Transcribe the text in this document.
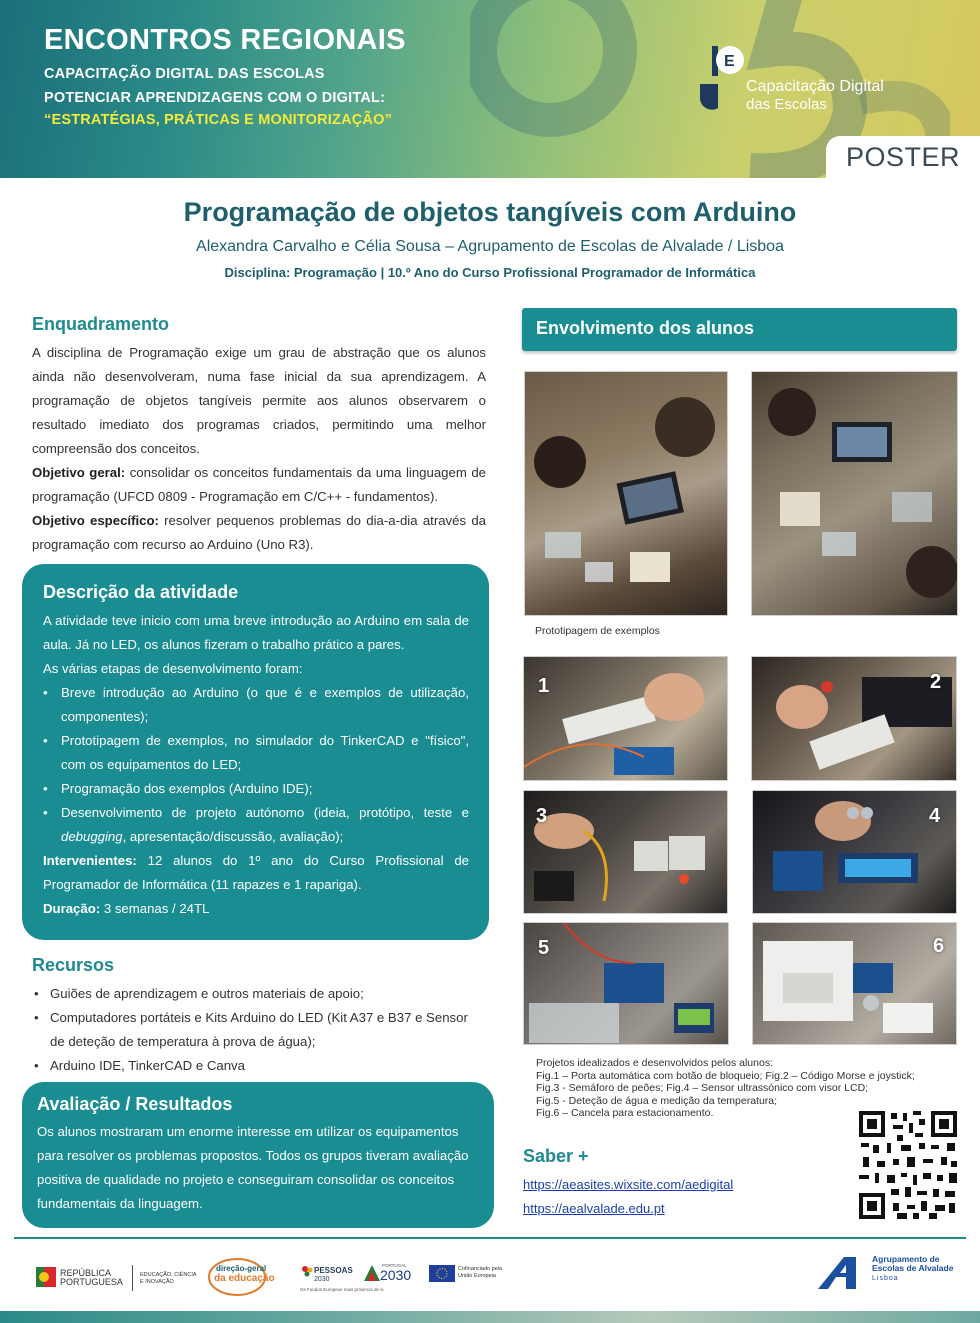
ENCONTROS REGIONAIS
CAPACITAÇÃO DIGITAL DAS ESCOLAS
POTENCIAR APRENDIZAGENS COM O DIGITAL:
“ESTRATÉGIAS, PRÁTICAS E MONITORIZAÇÃO”
E
Capacitação Digital
das Escolas
POSTER
Programação de objetos tangíveis com Arduino
Alexandra Carvalho e Célia Sousa – Agrupamento de Escolas de Alvalade / Lisboa
Disciplina: Programação | 10.º Ano do Curso Profissional Programador de Informática
Enquadramento
A disciplina de Programação exige um grau de abstração que os alunos ainda não desenvolveram, numa fase inicial da sua aprendizagem. A programação de objetos tangíveis permite aos alunos observarem o resultado imediato dos programas criados, permitindo uma melhor compreensão dos conceitos.
Objetivo geral: consolidar os conceitos fundamentais da uma linguagem de programação (UFCD 0809 - Programação em C/C++ - fundamentos).
Objetivo específico: resolver pequenos problemas do dia-a-dia através da programação com recurso ao Arduino (Uno R3).
Descrição da atividade
A atividade teve inicio com uma breve introdução ao Arduino em sala de aula. Já no LED, os alunos fizeram o trabalho prático a pares.
As várias etapas de desenvolvimento foram:
• Breve introdução ao Arduino (o que é e exemplos de utilização, componentes);
• Prototipagem de exemplos, no simulador do TinkerCAD e "físico", com os equipamentos do LED;
• Programação dos exemplos (Arduino IDE);
• Desenvolvimento de projeto autónomo (ideia, protótipo, teste e debugging, apresentação/discussão, avaliação);
Intervenientes: 12 alunos do 1º ano do Curso Profissional de Programador de Informática (11 rapazes e 1 rapariga).
Duração: 3 semanas / 24TL
Recursos
• Guiões de aprendizagem e outros materiais de apoio;
• Computadores portáteis e Kits Arduino do LED (Kit A37 e B37 e Sensor de deteção de temperatura à prova de água);
• Arduino IDE, TinkerCAD e Canva
Avaliação / Resultados
Os alunos mostraram um enorme interesse em utilizar os equipamentos para resolver os problemas propostos. Todos os grupos tiveram avaliação positiva de qualidade no projeto e conseguiram consolidar os conceitos fundamentais da linguagem.
Envolvimento dos alunos
Prototipagem de exemplos
1	2
3	4
5	6
Projetos idealizados e desenvolvidos pelos alunos:
Fig.1 – Porta automática com botão de bloqueio; Fig.2 – Código Morse e joystick;
Fig.3 - Semáforo de peões; Fig.4 – Sensor ultrassónico com visor LCD;
Fig.5 - Deteção de água e medição da temperatura;
Fig.6 – Cancela para estacionamento.
Saber +
https://aeasites.wixsite.com/aedigital
https://aealvalade.edu.pt
REPÚBLICA
PORTUGUESA
EDUCAÇÃO, CIÊNCIA
E INOVAÇÃO
direção-geral
da educação
PESSOAS
2030
Os Fundos Europeus mais próximos de si.
PORTUGAL
2030	Cofinanciado pela
União Europeia
Agrupamento de
Escolas de Alvalade
Lisboa
